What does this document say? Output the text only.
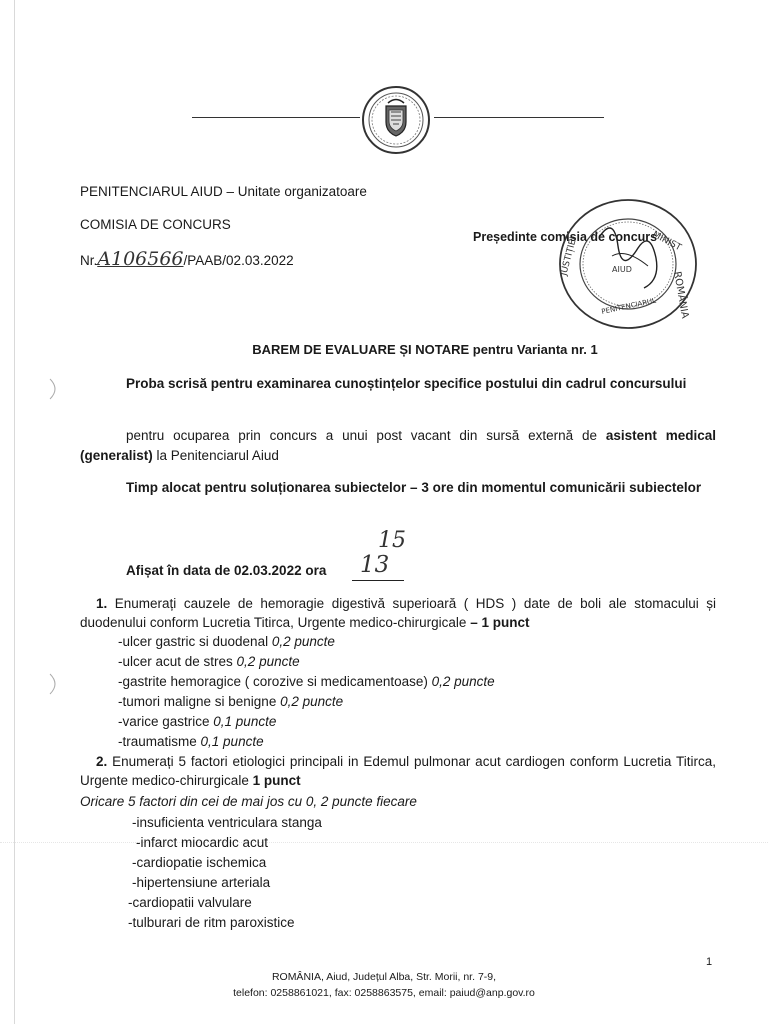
PENITENCIARUL AIUD – Unitate organizatoare
COMISIA DE CONCURS
Nr.A106566/PAAB/02.03.2022
Președinte comisia de concurs
MINIST
ROMÂNIA
JUSTIȚIEI
PENITENCIARUL
AIUD
BAREM DE EVALUARE ȘI NOTARE pentru Varianta nr. 1
Proba scrisă pentru examinarea cunoștințelor specifice postului din cadrul concursului
pentru ocuparea prin concurs a unui post vacant din sursă externă de asistent medical (generalist) la Penitenciarul Aiud
Timp alocat pentru soluționarea subiectelor – 3 ore din momentul comunicării subiectelor
Afișat în data de 02.03.2022 ora 13
15
1. Enumerați cauzele de hemoragie digestivă superioară ( HDS ) date de boli ale stomacului și duodenului conform Lucretia Titirca, Urgente medico-chirurgicale – 1 punct
-ulcer gastric si duodenal 0,2 puncte
-ulcer acut de stres 0,2 puncte
-gastrite hemoragice ( corozive si medicamentoase) 0,2 puncte
-tumori maligne si benigne 0,2 puncte
-varice gastrice 0,1 puncte
-traumatisme 0,1 puncte
2. Enumerați 5 factori etiologici principali in Edemul pulmonar acut cardiogen conform Lucretia Titirca, Urgente medico-chirurgicale 1 punct
Oricare 5 factori din cei de mai jos cu 0, 2 puncte fiecare
-insuficienta ventriculara stanga
-infarct miocardic acut
-cardiopatie ischemica
-hipertensiune arteriala
-cardiopatii valvulare
-tulburari de ritm paroxistice
1
ROMÂNIA, Aiud, Județul Alba, Str. Morii, nr. 7-9,
telefon: 0258861021, fax: 0258863575, email: paiud@anp.gov.ro
